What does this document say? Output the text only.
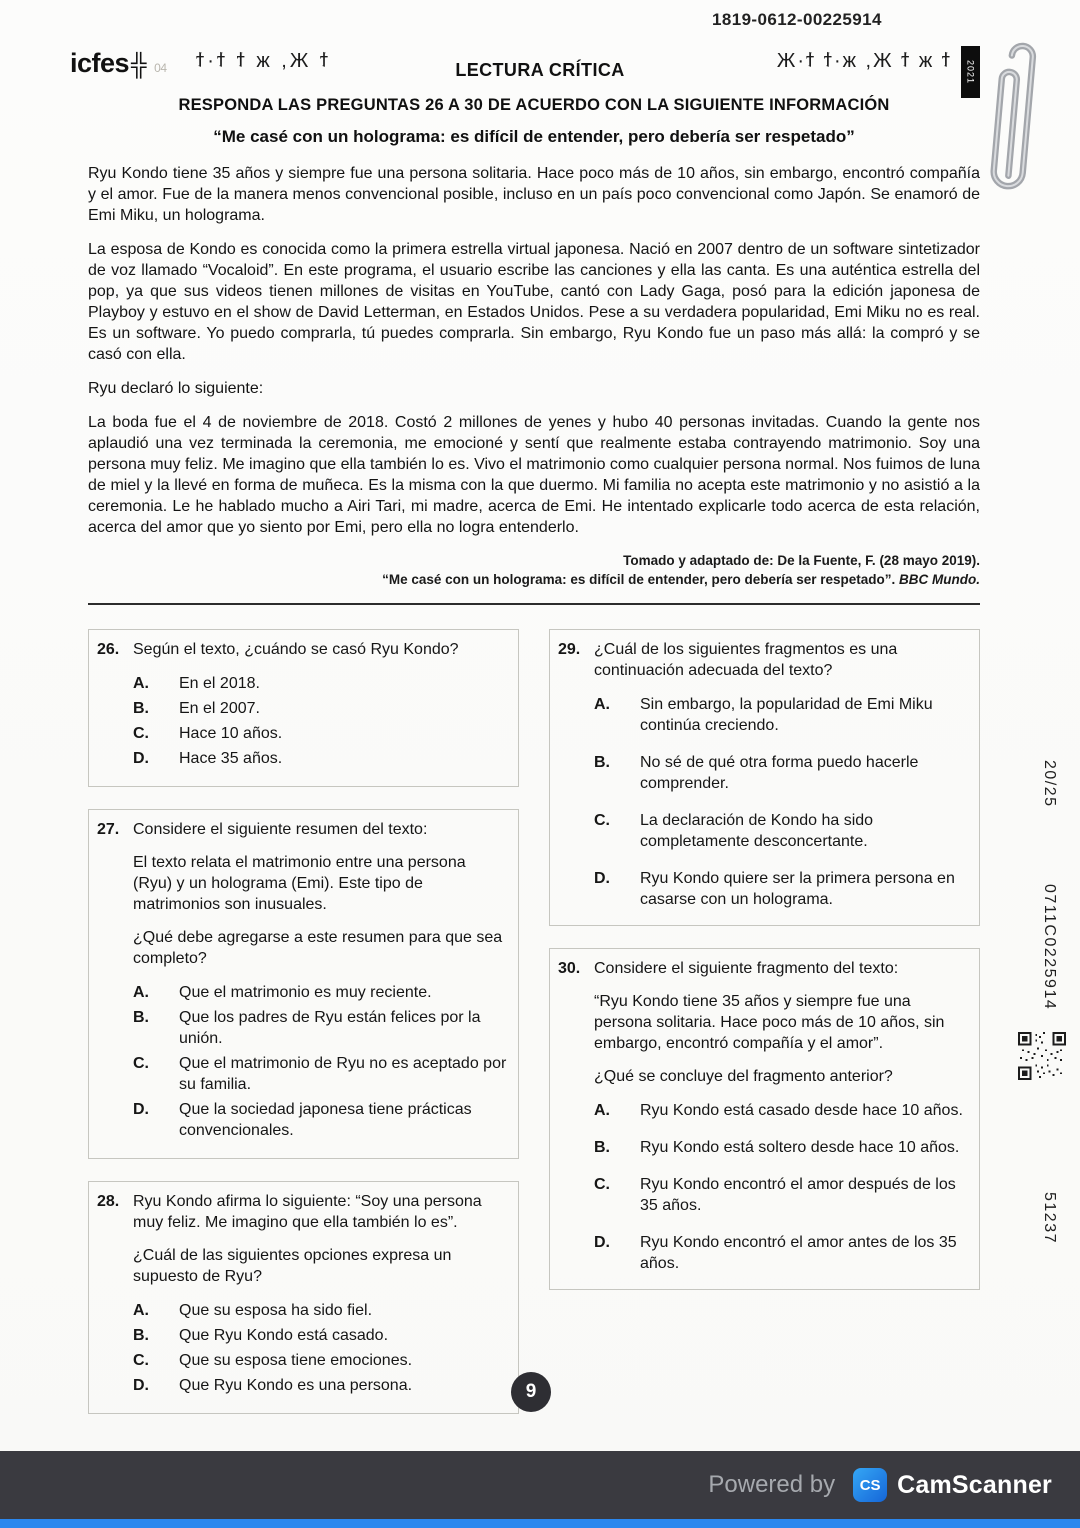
1819-0612-00225914
icfes ╬ 04 ϯ·ϯ ϯ ж ,Ж ϯ	LECTURA CRÍTICA	Ж·ϯ ϯ·ж ,Ж ϯ ж ϯ	2021
RESPONDA LAS PREGUNTAS 26 A 30 DE ACUERDO CON LA SIGUIENTE INFORMACIÓN
“Me casé con un holograma: es difícil de entender, pero debería ser respetado”

Ryu Kondo tiene 35 años y siempre fue una persona solitaria. Hace poco más de 10 años, sin embargo, encontró compañía y el amor. Fue de la manera menos convencional posible, incluso en un país poco convencional como Japón. Se enamoró de Emi Miku, un holograma.

La esposa de Kondo es conocida como la primera estrella virtual japonesa. Nació en 2007 dentro de un software sintetizador de voz llamado “Vocaloid”. En este programa, el usuario escribe las canciones y ella las canta. Es una auténtica estrella del pop, ya que sus videos tienen millones de visitas en YouTube, cantó con Lady Gaga, posó para la edición japonesa de Playboy y estuvo en el show de David Letterman, en Estados Unidos. Pese a su verdadera popularidad, Emi Miku no es real. Es un software. Yo puedo comprarla, tú puedes comprarla. Sin embargo, Ryu Kondo fue un paso más allá: la compró y se casó con ella.

Ryu declaró lo siguiente:

La boda fue el 4 de noviembre de 2018. Costó 2 millones de yenes y hubo 40 personas invitadas. Cuando la gente nos aplaudió una vez terminada la ceremonia, me emocioné y sentí que realmente estaba contrayendo matrimonio. Soy una persona muy feliz. Me imagino que ella también lo es. Vivo el matrimonio como cualquier persona normal. Nos fuimos de luna de miel y la llevé en forma de muñeca. Es la misma con la que duermo. Mi familia no acepta este matrimonio y no asistió a la ceremonia. Le he hablado mucho a Airi Tari, mi madre, acerca de Emi. He intentado explicarle todo acerca de esta relación, acerca del amor que yo siento por Emi, pero ella no logra entenderlo.

Tomado y adaptado de: De la Fuente, F. (28 mayo 2019).
“Me casé con un holograma: es difícil de entender, pero debería ser respetado”. BBC Mundo.
26. Según el texto, ¿cuándo se casó Ryu Kondo?
A.	En el 2018.
B.	En el 2007.
C.	Hace 10 años.
D.	Hace 35 años.
27. Considere el siguiente resumen del texto:

El texto relata el matrimonio entre una persona (Ryu) y un holograma (Emi). Este tipo de matrimonios son inusuales.

¿Qué debe agregarse a este resumen para que sea completo?

A.	Que el matrimonio es muy reciente.
B.	Que los padres de Ryu están felices por la unión.
C.	Que el matrimonio de Ryu no es aceptado por su familia.
D.	Que la sociedad japonesa tiene prácticas convencionales.
28. Ryu Kondo afirma lo siguiente: “Soy una persona muy feliz. Me imagino que ella también lo es”.

¿Cuál de las siguientes opciones expresa un supuesto de Ryu?

A.	Que su esposa ha sido fiel.
B.	Que Ryu Kondo está casado.
C.	Que su esposa tiene emociones.
D.	Que Ryu Kondo es una persona.
29. ¿Cuál de los siguientes fragmentos es una continuación adecuada del texto?
A.	Sin embargo, la popularidad de Emi Miku continúa creciendo.
B.	No sé de qué otra forma puedo hacerle comprender.
C.	La declaración de Kondo ha sido completamente desconcertante.
D.	Ryu Kondo quiere ser la primera persona en casarse con un holograma.
30. Considere el siguiente fragmento del texto:

“Ryu Kondo tiene 35 años y siempre fue una persona solitaria. Hace poco más de 10 años, sin embargo, encontró compañía y el amor”.

¿Qué se concluye del fragmento anterior?

A.	Ryu Kondo está casado desde hace 10 años.
B.	Ryu Kondo está soltero desde hace 10 años.
C.	Ryu Kondo encontró el amor después de los 35 años.
D.	Ryu Kondo encontró el amor antes de los 35 años.
20/25
0711C0225914
51237
9
Powered by	CS CamScanner
